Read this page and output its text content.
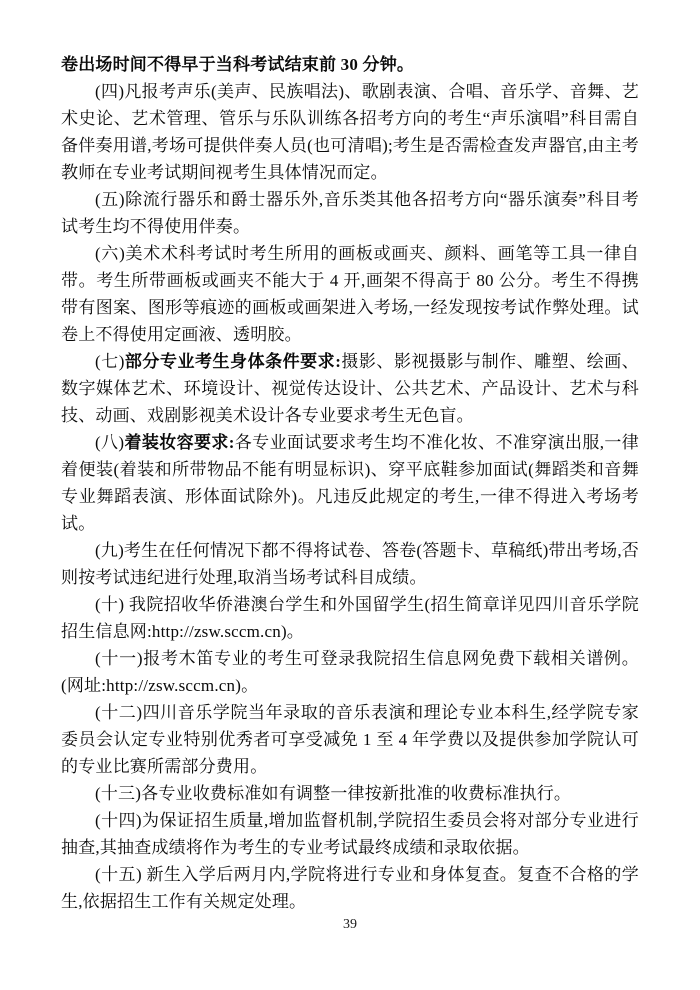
卷出场时间不得早于当科考试结束前 30 分钟。

(四)凡报考声乐(美声、民族唱法)、歌剧表演、合唱、音乐学、音舞、艺术史论、艺术管理、管乐与乐队训练各招考方向的考生“声乐演唱”科目需自备伴奏用谱,考场可提供伴奏人员(也可清唱);考生是否需检查发声器官,由主考教师在专业考试期间视考生具体情况而定。

(五)除流行器乐和爵士器乐外,音乐类其他各招考方向“器乐演奏”科目考试考生均不得使用伴奏。

(六)美术术科考试时考生所用的画板或画夹、颜料、画笔等工具一律自带。考生所带画板或画夹不能大于 4 开,画架不得高于 80 公分。考生不得携带有图案、图形等痕迹的画板或画架进入考场,一经发现按考试作弊处理。试卷上不得使用定画液、透明胶。

(七)部分专业考生身体条件要求:摄影、影视摄影与制作、雕塑、绘画、数字媒体艺术、环境设计、视觉传达设计、公共艺术、产品设计、艺术与科技、动画、戏剧影视美术设计各专业要求考生无色盲。

(八)着装妆容要求:各专业面试要求考生均不准化妆、不准穿演出服,一律着便装(着装和所带物品不能有明显标识)、穿平底鞋参加面试(舞蹈类和音舞专业舞蹈表演、形体面试除外)。凡违反此规定的考生,一律不得进入考场考试。

(九)考生在任何情况下都不得将试卷、答卷(答题卡、草稿纸)带出考场,否则按考试违纪进行处理,取消当场考试科目成绩。

(十) 我院招收华侨港澳台学生和外国留学生(招生简章详见四川音乐学院招生信息网:http://zsw.sccm.cn)。

(十一)报考木笛专业的考生可登录我院招生信息网免费下载相关谱例。(网址:http://zsw.sccm.cn)。

(十二)四川音乐学院当年录取的音乐表演和理论专业本科生,经学院专家委员会认定专业特别优秀者可享受减免 1 至 4 年学费以及提供参加学院认可的专业比赛所需部分费用。

(十三)各专业收费标准如有调整一律按新批准的收费标准执行。

(十四)为保证招生质量,增加监督机制,学院招生委员会将对部分专业进行抽查,其抽查成绩将作为考生的专业考试最终成绩和录取依据。

(十五) 新生入学后两月内,学院将进行专业和身体复查。复查不合格的学生,依据招生工作有关规定处理。

39
